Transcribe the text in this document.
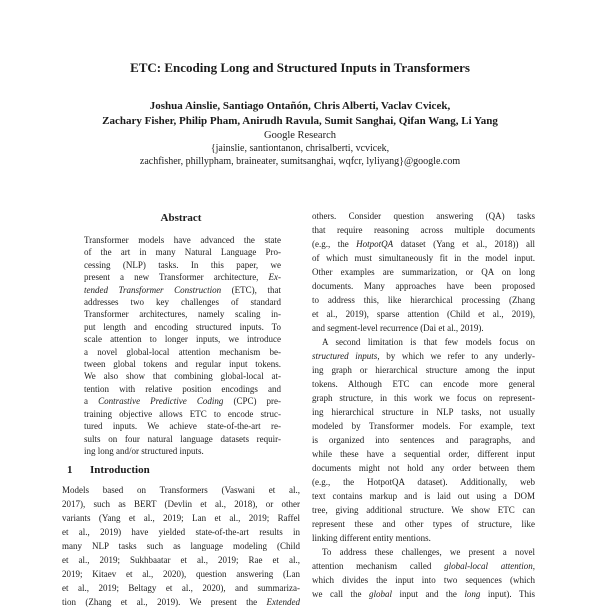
ETC: Encoding Long and Structured Inputs in Transformers
Joshua Ainslie, Santiago Ontañón, Chris Alberti, Vaclav Cvicek,
Zachary Fisher, Philip Pham, Anirudh Ravula, Sumit Sanghai, Qifan Wang, Li Yang
Google Research
{jainslie, santiontanon, chrisalberti, vcvicek,
zachfisher, phillypham, braineater, sumitsanghai, wqfcr, lyliyang}@google.com
Abstract
Transformer models have advanced the state
of the art in many Natural Language Pro-
cessing (NLP) tasks. In this paper, we
present a new Transformer architecture, Ex-
tended Transformer Construction (ETC), that
addresses two key challenges of standard
Transformer architectures, namely scaling in-
put length and encoding structured inputs. To
scale attention to longer inputs, we introduce
a novel global-local attention mechanism be-
tween global tokens and regular input tokens.
We also show that combining global-local at-
tention with relative position encodings and
a Contrastive Predictive Coding (CPC) pre-
training objective allows ETC to encode struc-
tured inputs. We achieve state-of-the-art re-
sults on four natural language datasets requir-
ing long and/or structured inputs.
1	Introduction
Models based on Transformers (Vaswani et al.,
2017), such as BERT (Devlin et al., 2018), or other
variants (Yang et al., 2019; Lan et al., 2019; Raffel
et al., 2019) have yielded state-of-the-art results in
many NLP tasks such as language modeling (Child
et al., 2019; Sukhbaatar et al., 2019; Rae et al.,
2019; Kitaev et al., 2020), question answering (Lan
et al., 2019; Beltagy et al., 2020), and summariza-
tion (Zhang et al., 2019). We present the Extended
others. Consider question answering (QA) tasks
that require reasoning across multiple documents
(e.g., the HotpotQA dataset (Yang et al., 2018)) all
of which must simultaneously fit in the model input.
Other examples are summarization, or QA on long
documents. Many approaches have been proposed
to address this, like hierarchical processing (Zhang
et al., 2019), sparse attention (Child et al., 2019),
and segment-level recurrence (Dai et al., 2019).
A second limitation is that few models focus on
structured inputs, by which we refer to any underly-
ing graph or hierarchical structure among the input
tokens. Although ETC can encode more general
graph structure, in this work we focus on represent-
ing hierarchical structure in NLP tasks, not usually
modeled by Transformer models. For example, text
is organized into sentences and paragraphs, and
while these have a sequential order, different input
documents might not hold any order between them
(e.g., the HotpotQA dataset). Additionally, web
text contains markup and is laid out using a DOM
tree, giving additional structure. We show ETC can
represent these and other types of structure, like
linking different entity mentions.
To address these challenges, we present a novel
attention mechanism called global-local attention,
which divides the input into two sequences (which
we call the global input and the long input). This
